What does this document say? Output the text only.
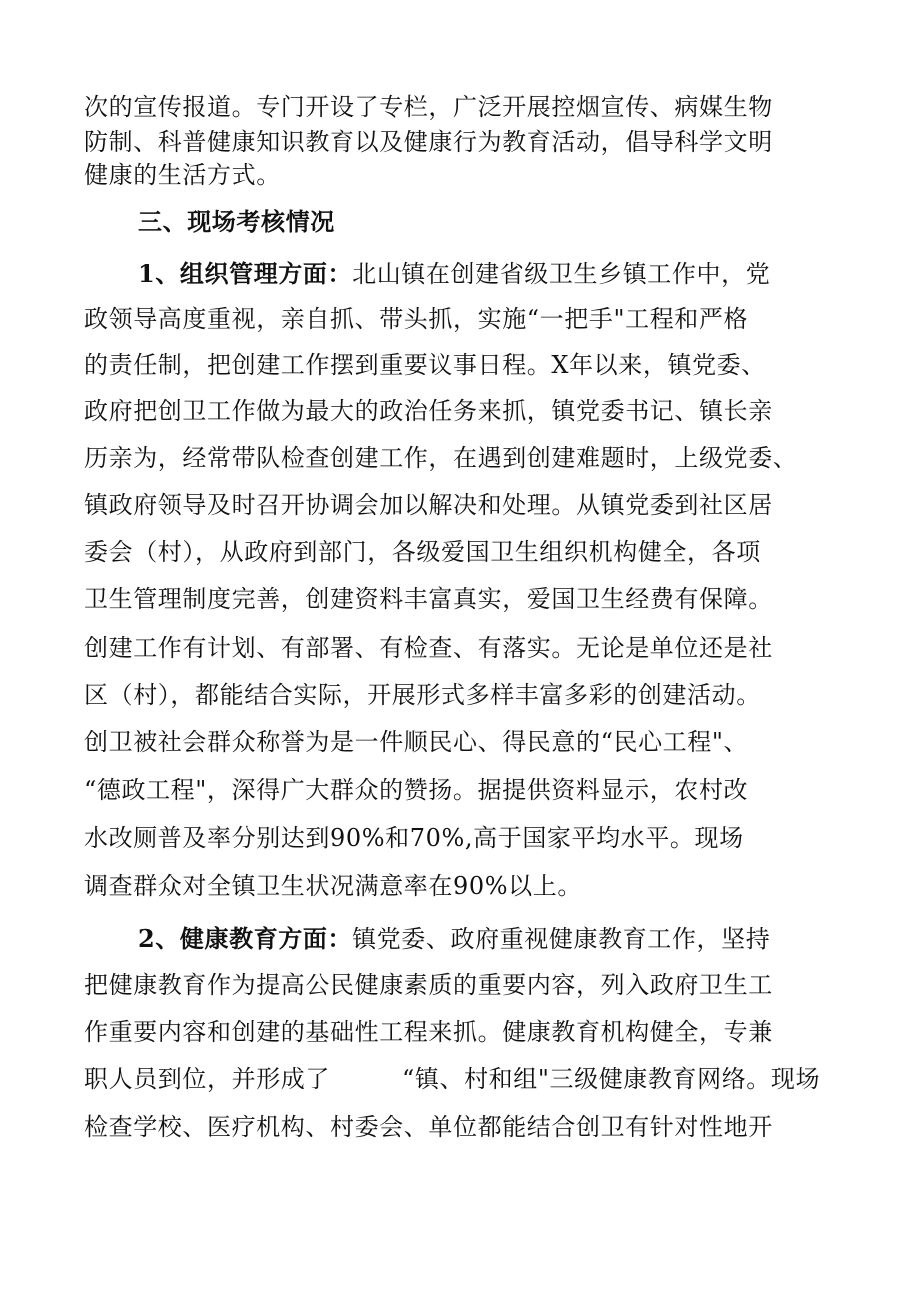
次的宣传报道。专门开设了专栏，广泛开展控烟宣传、病媒生物
防制、科普健康知识教育以及健康行为教育活动，倡导科学文明
健康的生活方式。
三、现场考核情况
1、组织管理方面：北山镇在创建省级卫生乡镇工作中，党
政领导高度重视，亲自抓、带头抓，实施“一把手"工程和严格
的责任制，把创建工作摆到重要议事日程。X年以来，镇党委、
政府把创卫工作做为最大的政治任务来抓，镇党委书记、镇长亲
历亲为，经常带队检查创建工作，在遇到创建难题时，上级党委、
镇政府领导及时召开协调会加以解决和处理。从镇党委到社区居
委会（村），从政府到部门，各级爱国卫生组织机构健全，各项
卫生管理制度完善，创建资料丰富真实，爱国卫生经费有保障。
创建工作有计划、有部署、有检查、有落实。无论是单位还是社
区（村），都能结合实际，开展形式多样丰富多彩的创建活动。
创卫被社会群众称誉为是一件顺民心、得民意的“民心工程"、
“德政工程"，深得广大群众的赞扬。据提供资料显示，农村改
水改厕普及率分别达到90%和70%,高于国家平均水平。现场
调查群众对全镇卫生状况满意率在90%以上。
2、健康教育方面：镇党委、政府重视健康教育工作，坚持
把健康教育作为提高公民健康素质的重要内容，列入政府卫生工
作重要内容和创建的基础性工程来抓。健康教育机构健全，专兼
职人员到位，并形成了	“镇、村和组"三级健康教育网络。现场
检查学校、医疗机构、村委会、单位都能结合创卫有针对性地开
